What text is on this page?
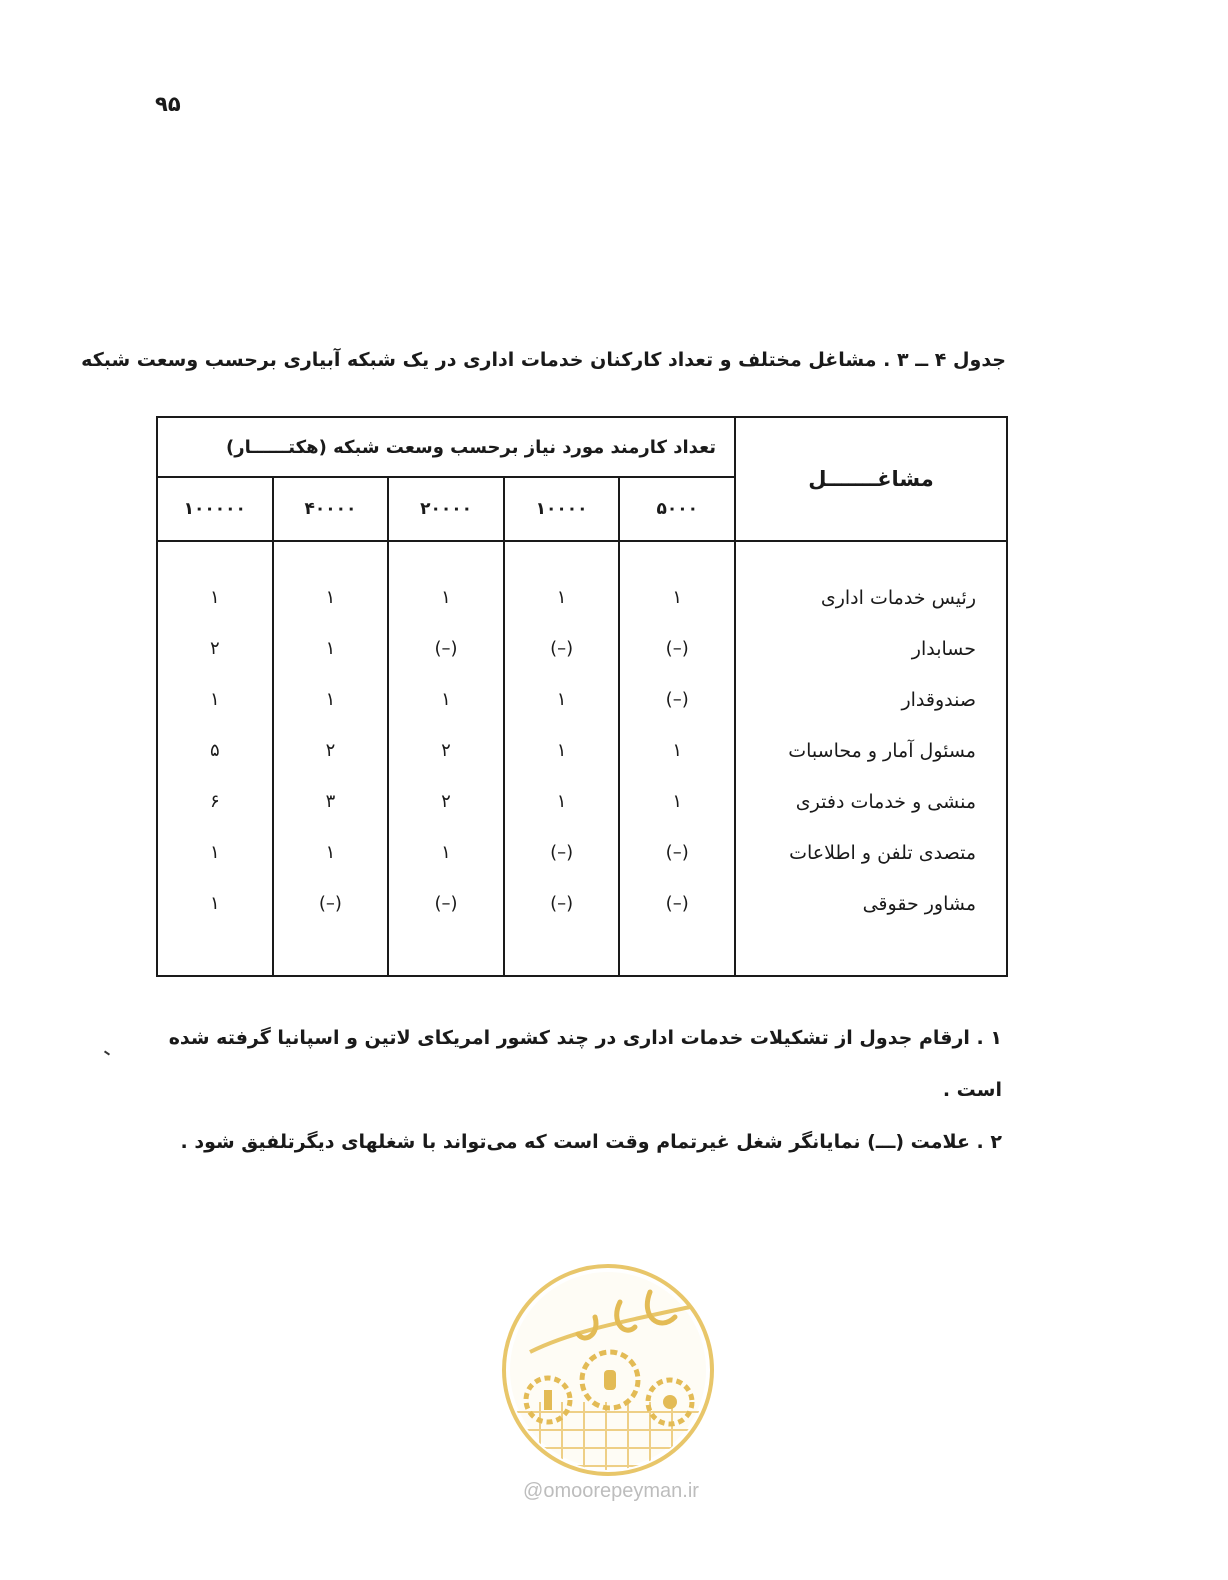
۹۵
جدول ۴ ــ ۳ . مشاغل مختلف و تعداد کارکنان خدمات اداری در یک شبکه آبیاری برحسب وسعت شبکه
مشاغـــــــل	تعداد کارمند مورد نیاز برحسب وسعت شبکه (هکتــــــار)				
	۵۰۰۰	۱۰۰۰۰	۲۰۰۰۰	۴۰۰۰۰	۱۰۰۰۰۰

رئیس خدمات اداری	۱	۱	۱	۱	۱
حسابدار	(–)	(–)	(–)	۱	۲
صندوقدار	(–)	۱	۱	۱	۱
مسئول آمار و محاسبات	۱	۱	۲	۲	۵
منشی و خدمات دفتری	۱	۱	۲	۳	۶
متصدی تلفن و اطلاعات	(–)	(–)	۱	۱	۱
مشاور حقوقی	(–)	(–)	(–)	(–)	۱

۱ . ارقام جدول از تشکیلات خدمات اداری در چند کشور امریکای لاتین و اسپانیا گرفته شده است .
۲ . علامت (ـــ) نمایانگر شغل غیرتمام وقت است که می‌تواند با شغلهای دیگرتلفیق شود .
@omoorepeyman.ir
